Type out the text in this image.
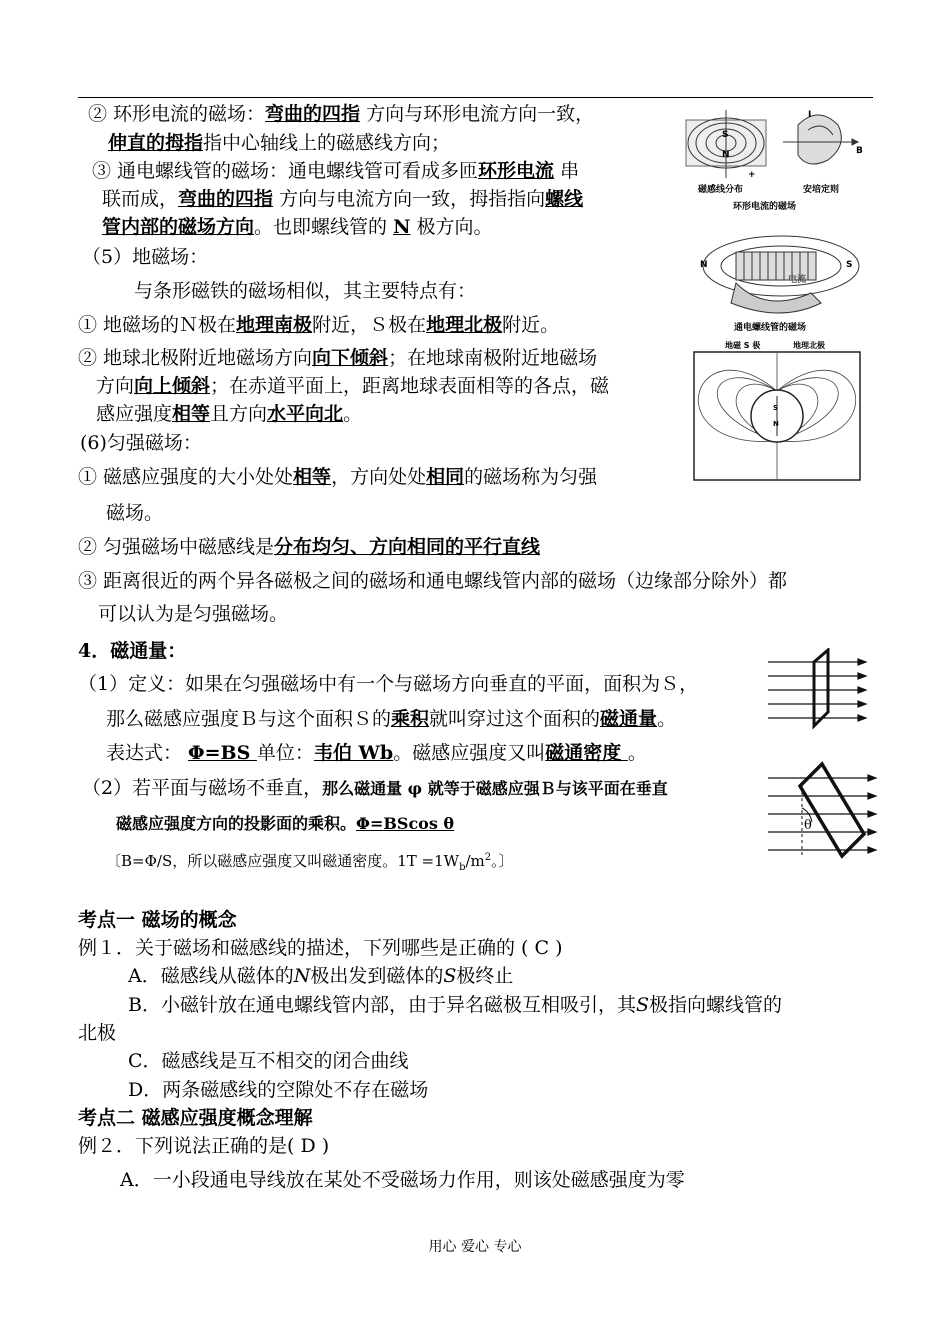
② 环形电流的磁场：弯曲的四指 方向与环形电流方向一致，
伸直的拇指指中心轴线上的磁感线方向；
③ 通电螺线管的磁场：通电螺线管可看成多匝环形电流 串
联而成，弯曲的四指 方向与电流方向一致，拇指指向螺线
管内部的磁场方向。也即螺线管的 N 极方向。
（5）地磁场：
与条形磁铁的磁场相似，其主要特点有：
① 地磁场的Ｎ极在地理南极附近，Ｓ极在地理北极附近。
② 地球北极附近地磁场方向向下倾斜；在地球南极附近地磁场
方向向上倾斜；在赤道平面上，距离地球表面相等的各点，磁
感应强度相等且方向水平向北。
(6)匀强磁场：
① 磁感应强度的大小处处相等，方向处处相同的磁场称为匀强
磁场。
② 匀强磁场中磁感线是分布均匀、方向相同的平行直线
③ 距离很近的两个异各磁极之间的磁场和通电螺线管内部的磁场（边缘部分除外）都
可以认为是匀强磁场。
4．磁通量：
（1）定义：如果在匀强磁场中有一个与磁场方向垂直的平面，面积为Ｓ，
那么磁感应强度Ｂ与这个面积Ｓ的乘积就叫穿过这个面积的磁通量。
表达式： Φ=BS 单位：韦伯 Wb。磁感应强度又叫磁通密度 。
（2）若平面与磁场不垂直，那么磁通量 φ 就等于磁感应强Ｂ与该平面在垂直
磁感应强度方向的投影面的乘积。Φ=BScos θ
〔B=Φ/S，所以磁感应强度又叫磁通密度。$1T =1W_b/m^2$。〕
考点一 磁场的概念
例１．关于磁场和磁感线的描述，下列哪些是正确的 ( C )
A．磁感线从磁体的N极出发到磁体的S极终止
B．小磁针放在通电螺线管内部，由于异名磁极互相吸引，其S极指向螺线管的
北极
C．磁感线是互不相交的闭合曲线
D．两条磁感线的空隙处不存在磁场
考点二 磁感应强度概念理解
例２．下列说法正确的是( D )
A．一小段通电导线放在某处不受磁场力作用，则该处磁感强度为零
S
N
I
B
+
磁感线分布	安培定则
环形电流的磁场
N	S
电流
通电螺线管的磁场
地磁 S 极	地理北极
S
N
θ
用心 爱心 专心
